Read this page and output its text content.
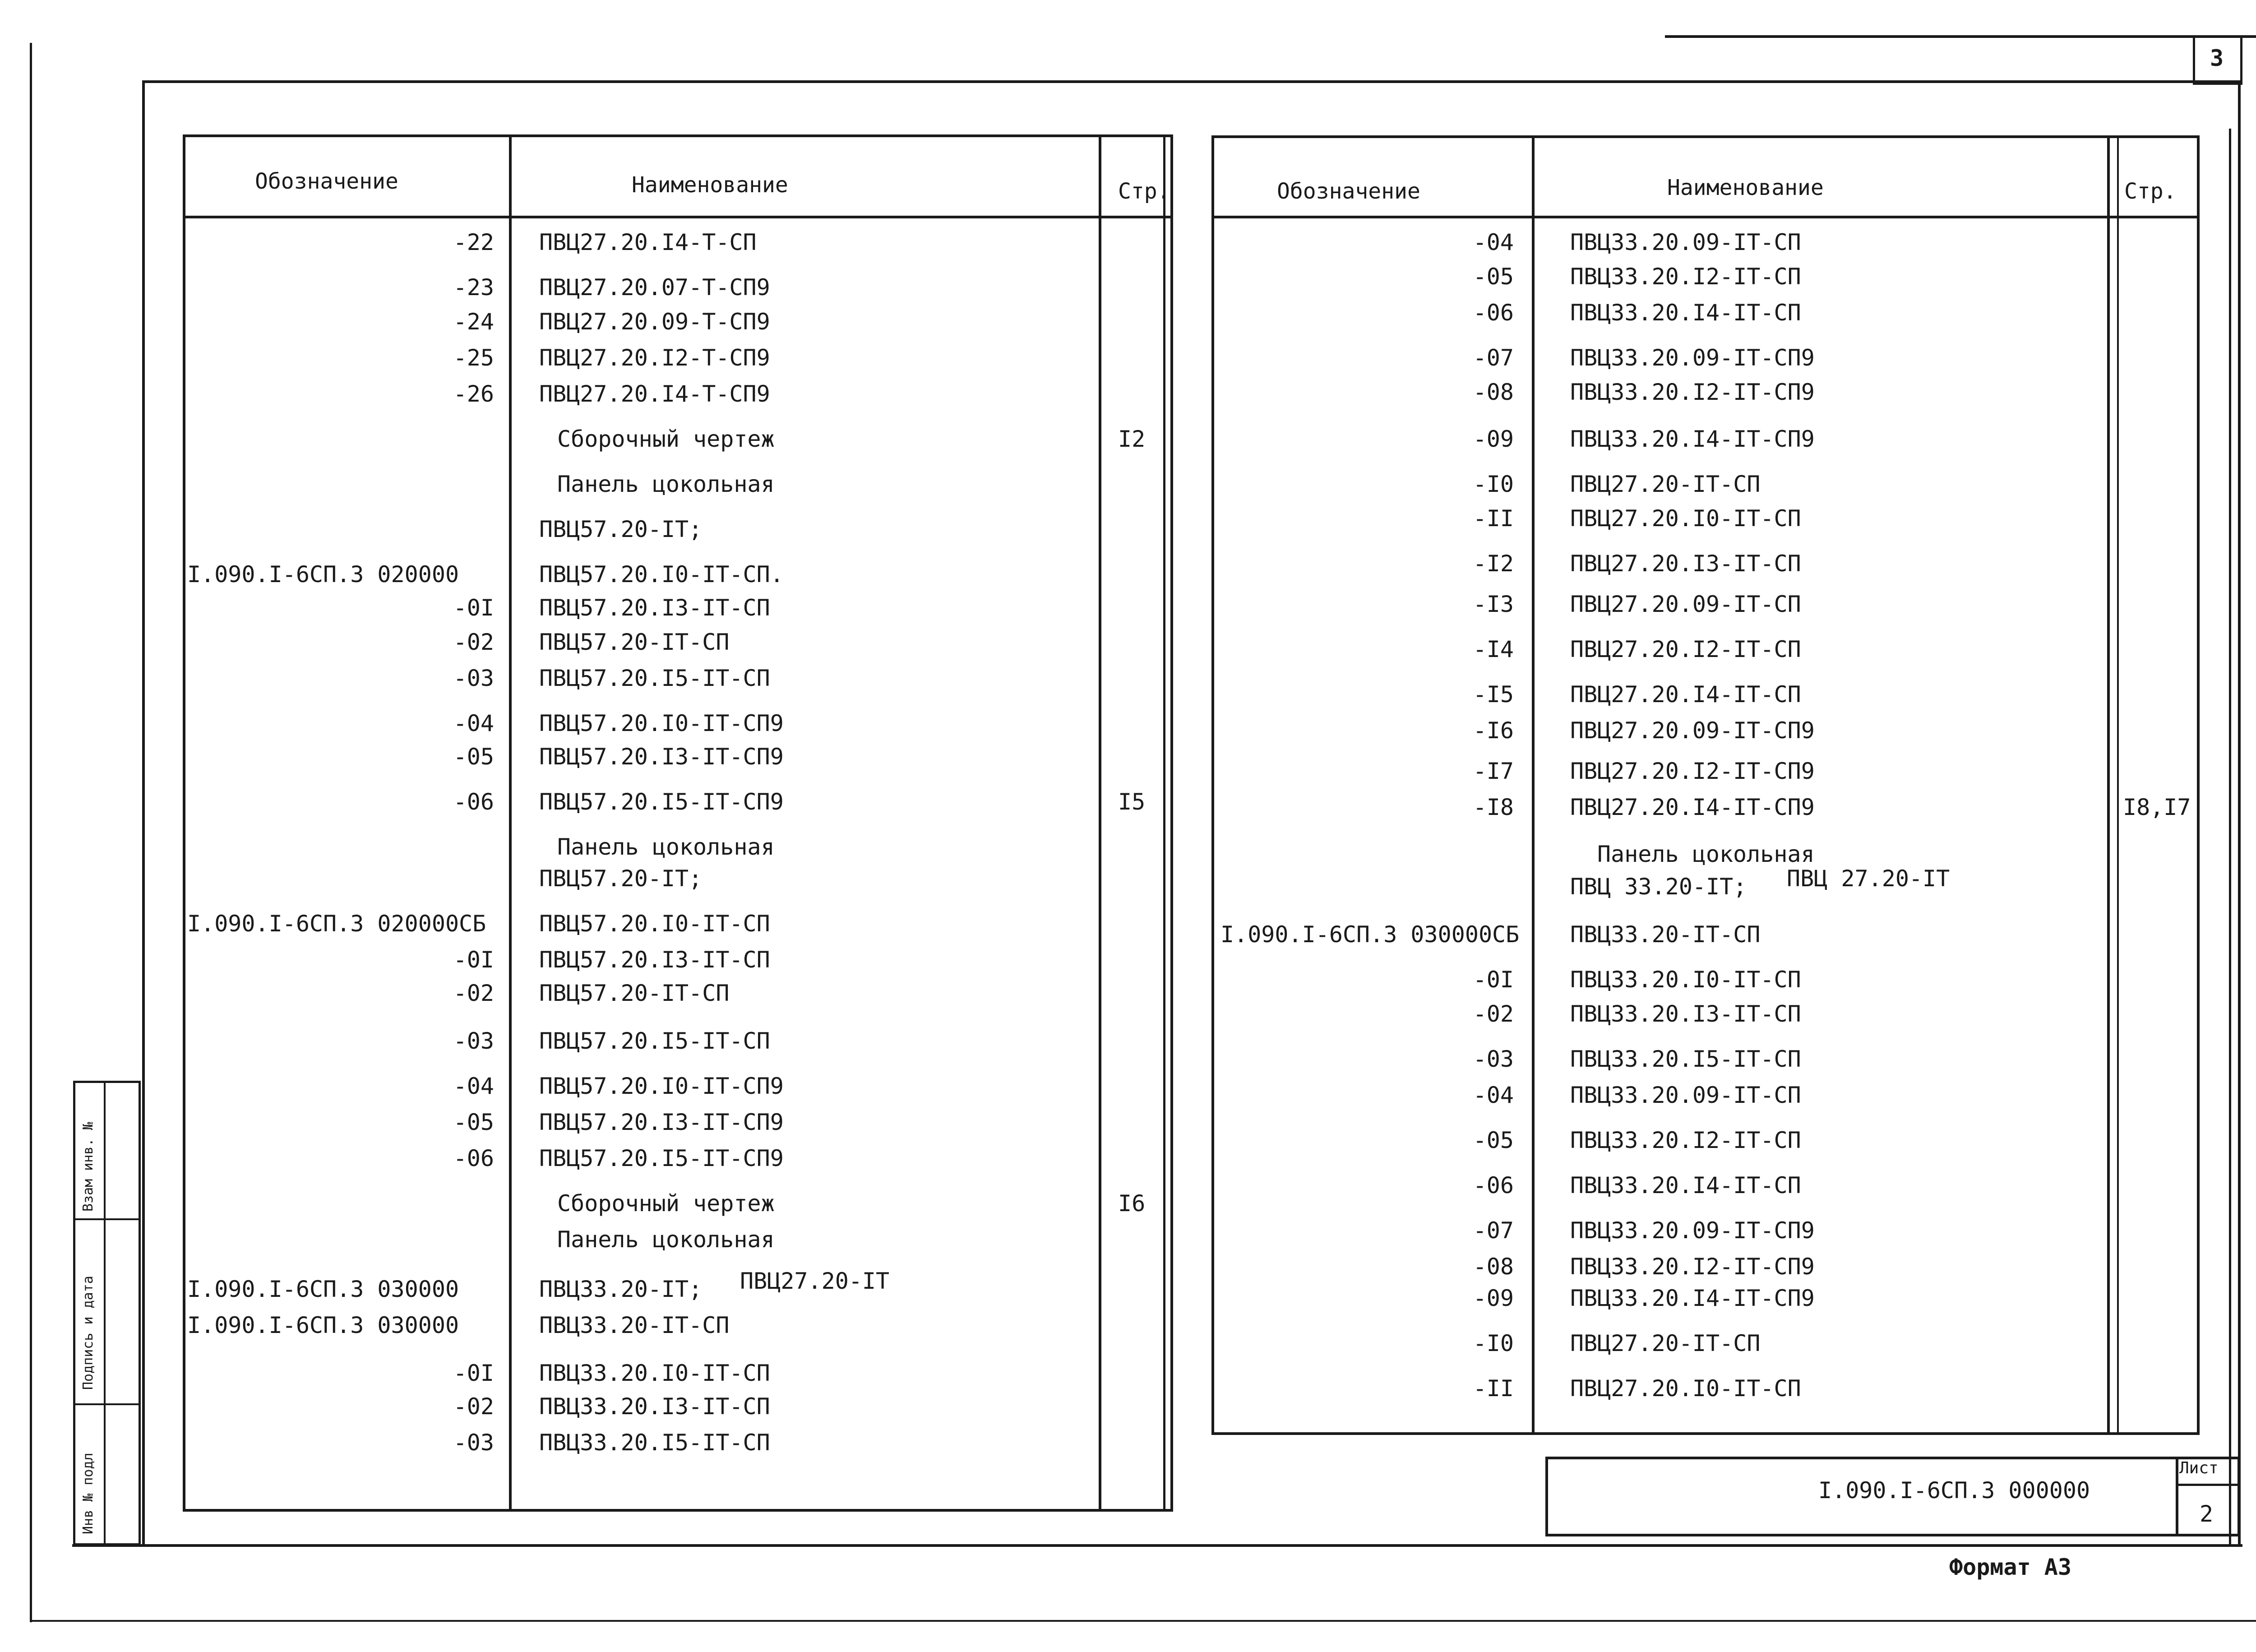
3
Инв № подл
Подпись и дата
Взам инв. №
Обозначение	Наименование	Стр.
-22 ПВЦ27.20.I4-Т-СП
-23 ПВЦ27.20.07-Т-СП9
-24 ПВЦ27.20.09-Т-СП9
-25 ПВЦ27.20.I2-Т-СП9
-26 ПВЦ27.20.I4-Т-СП9
Сборочный чертеж	I2
Панель цокольная
ПВЦ57.20-IТ;
I.090.I-6СП.3 020000	ПВЦ57.20.I0-IТ-СП.
-0I ПВЦ57.20.I3-IТ-СП
-02 ПВЦ57.20-IТ-СП
-03 ПВЦ57.20.I5-IТ-СП
-04 ПВЦ57.20.I0-IТ-СП9
-05 ПВЦ57.20.I3-IТ-СП9
-06 ПВЦ57.20.I5-IТ-СП9	I5
Панель цокольная
ПВЦ57.20-IТ;
I.090.I-6СП.3 020000СБ ПВЦ57.20.I0-IТ-СП
-0I ПВЦ57.20.I3-IТ-СП
-02 ПВЦ57.20-IТ-СП
-03 ПВЦ57.20.I5-IТ-СП
-04 ПВЦ57.20.I0-IТ-СП9
-05 ПВЦ57.20.I3-IТ-СП9
-06 ПВЦ57.20.I5-IТ-СП9
Сборочный чертеж	I6
Панель цокольная
I.090.I-6СП.3 030000	ПВЦ33.20-IТ; ПВЦ27.20-IТ
I.090.I-6СП.3 030000	ПВЦ33.20-IТ-СП
-0I ПВЦ33.20.I0-IТ-СП
-02 ПВЦ33.20.I3-IТ-СП
-03 ПВЦ33.20.I5-IТ-СП
Обозначение	Наименование	Стр.
-04	ПВЦ33.20.09-IТ-СП
-05	ПВЦ33.20.I2-IТ-СП
-06	ПВЦ33.20.I4-IТ-СП
-07	ПВЦ33.20.09-IТ-СП9
-08	ПВЦ33.20.I2-IТ-СП9
-09	ПВЦ33.20.I4-IТ-СП9
-I0	ПВЦ27.20-IТ-СП
-II	ПВЦ27.20.I0-IТ-СП
-I2	ПВЦ27.20.I3-IТ-СП
-I3	ПВЦ27.20.09-IТ-СП
-I4	ПВЦ27.20.I2-IТ-СП
-I5	ПВЦ27.20.I4-IТ-СП
-I6	ПВЦ27.20.09-IТ-СП9
-I7	ПВЦ27.20.I2-IТ-СП9
-I8	ПВЦ27.20.I4-IТ-СП9	I8,I7
Панель цокольная
ПВЦ 33.20-IТ; ПВЦ 27.20-IТ
I.090.I-6СП.3 030000СБ ПВЦ33.20-IТ-СП
-0I	ПВЦ33.20.I0-IТ-СП
-02	ПВЦ33.20.I3-IТ-СП
-03	ПВЦ33.20.I5-IТ-СП
-04	ПВЦ33.20.09-IТ-СП
-05	ПВЦ33.20.I2-IТ-СП
-06	ПВЦ33.20.I4-IТ-СП
-07	ПВЦ33.20.09-IТ-СП9
-08	ПВЦ33.20.I2-IТ-СП9
-09	ПВЦ33.20.I4-IТ-СП9
-I0	ПВЦ27.20-IТ-СП
-II	ПВЦ27.20.I0-IТ-СП
I.090.I-6СП.3 000000
Лист
2
Формат А3
